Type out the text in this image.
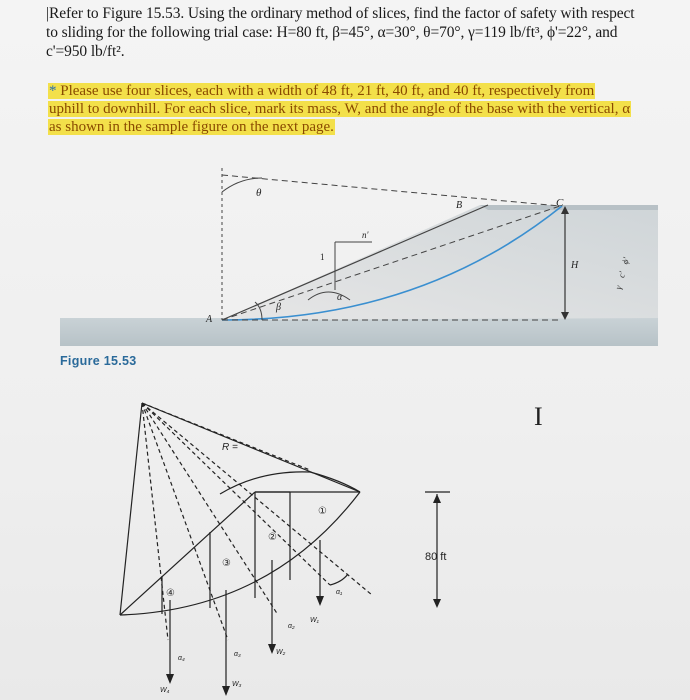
|Refer to Figure 15.53. Using the ordinary method of slices, find the factor of safety with respect to sliding for the following trial case: H=80 ft, β=45°, α=30°, θ=70°, γ=119 lb/ft³, ϕ'=22°, and c'=950 lb/ft².
* Please use four slices, each with a width of 48 ft, 21 ft, 40 ft, and 40 ft, respectively from uphill to downhill. For each slice, mark its mass, W, and the angle of the base with the vertical, α as shown in the sample figure on the next page.
θ
B	C
A
β
α
H
n'
1
γ
c'
ϕ'
R =
80 ft
①
②
③
④
W₁
W₂
W₃
W₄
α₁
α₂
α₃
α₄
Figure 15.53
I
